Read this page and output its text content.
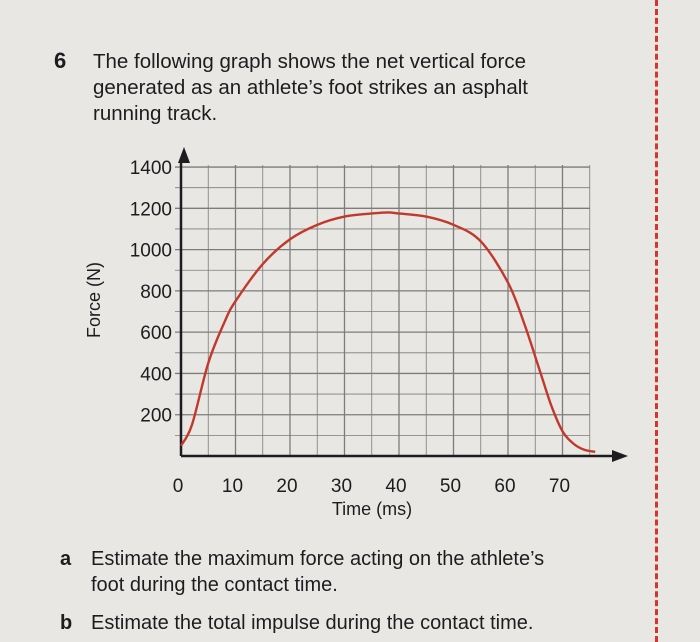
6 The following graph shows the net vertical force
generated as an athlete’s foot strikes an asphalt
running track.

200
400
600
800
1000
1200
1400
0 10 20 30 40 50 60 70
Time (ms)
Force (N)
a Estimate the maximum force acting on the athlete’s
foot during the contact time.

b Estimate the total impulse during the contact time.
